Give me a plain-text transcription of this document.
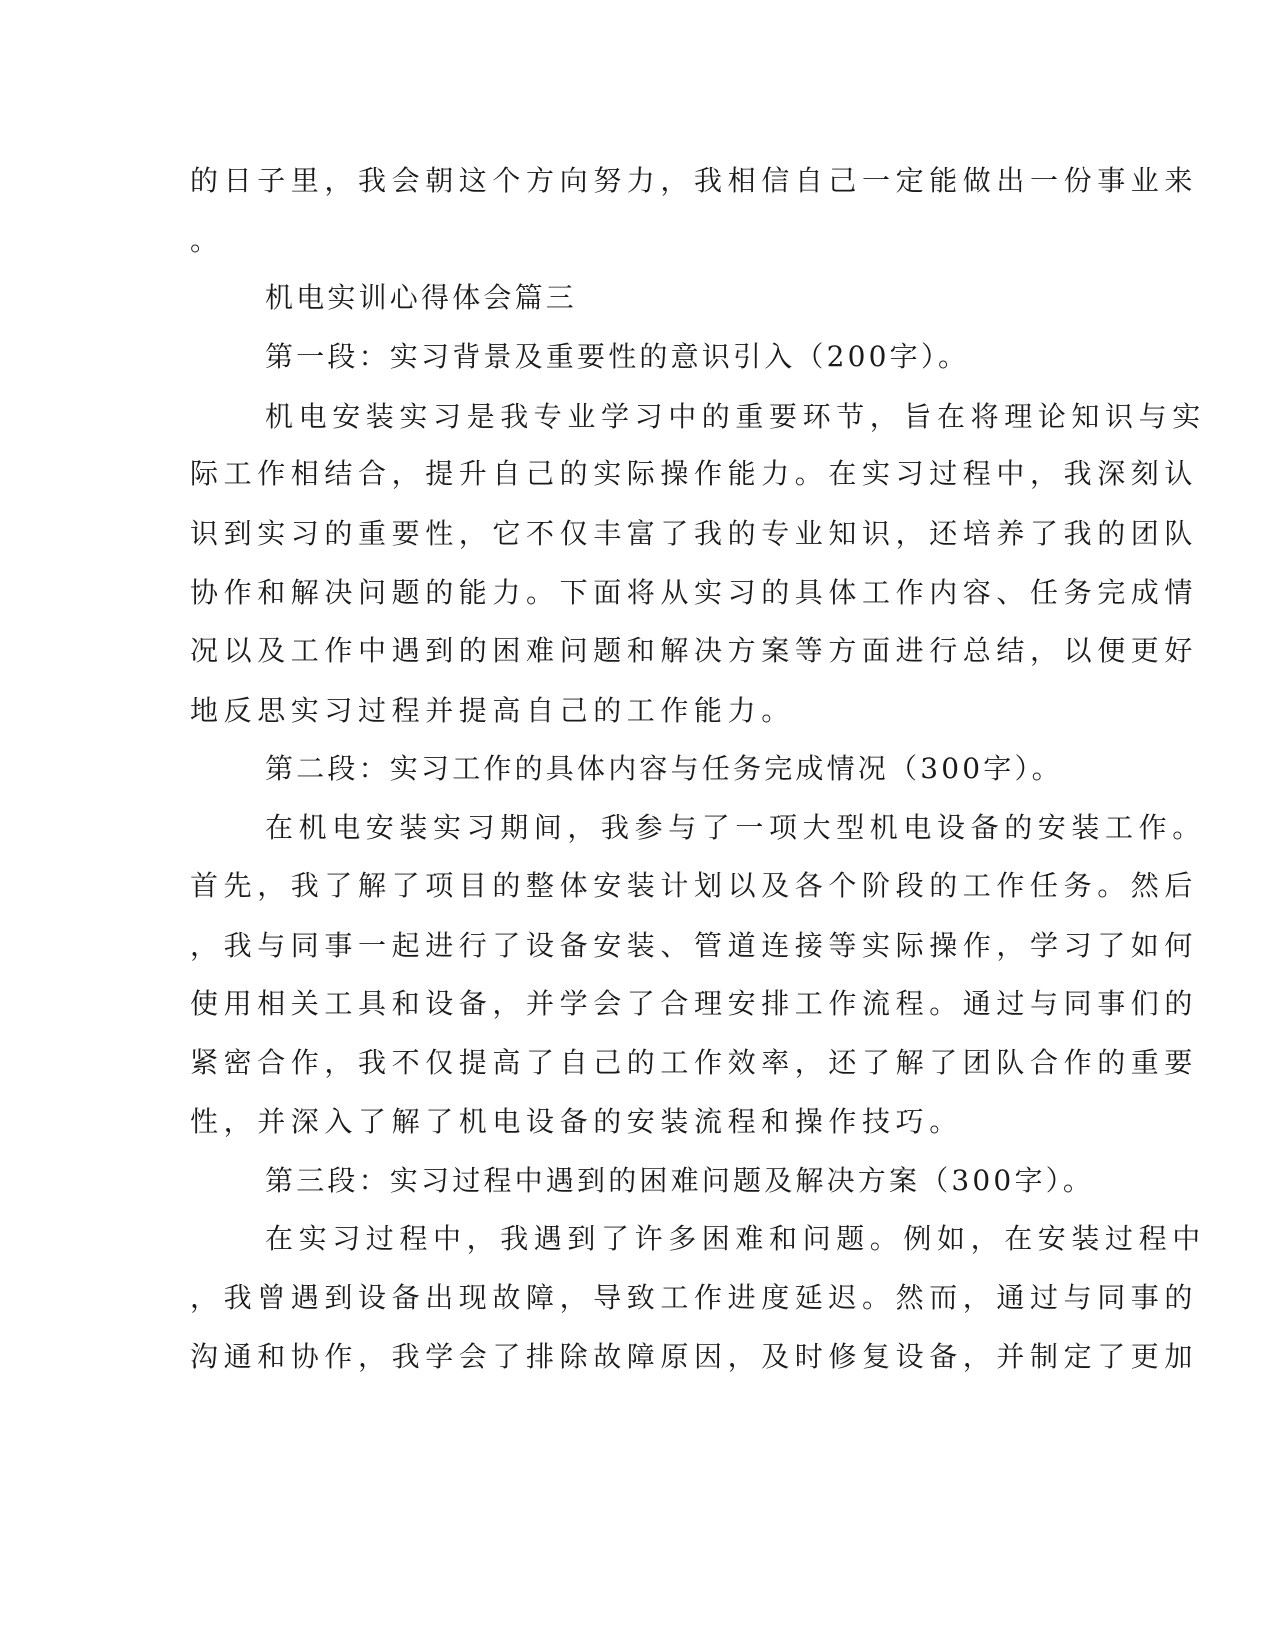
的日子里，我会朝这个方向努力，我相信自己一定能做出一份事业来
。
机电实训心得体会篇三
第一段：实习背景及重要性的意识引入（200字）。
机电安装实习是我专业学习中的重要环节，旨在将理论知识与实
际工作相结合，提升自己的实际操作能力。在实习过程中，我深刻认
识到实习的重要性，它不仅丰富了我的专业知识，还培养了我的团队
协作和解决问题的能力。下面将从实习的具体工作内容、任务完成情
况以及工作中遇到的困难问题和解决方案等方面进行总结，以便更好
地反思实习过程并提高自己的工作能力。
第二段：实习工作的具体内容与任务完成情况（300字）。
在机电安装实习期间，我参与了一项大型机电设备的安装工作。
首先，我了解了项目的整体安装计划以及各个阶段的工作任务。然后
，我与同事一起进行了设备安装、管道连接等实际操作，学习了如何
使用相关工具和设备，并学会了合理安排工作流程。通过与同事们的
紧密合作，我不仅提高了自己的工作效率，还了解了团队合作的重要
性，并深入了解了机电设备的安装流程和操作技巧。
第三段：实习过程中遇到的困难问题及解决方案（300字）。
在实习过程中，我遇到了许多困难和问题。例如，在安装过程中
，我曾遇到设备出现故障，导致工作进度延迟。然而，通过与同事的
沟通和协作，我学会了排除故障原因，及时修复设备，并制定了更加
